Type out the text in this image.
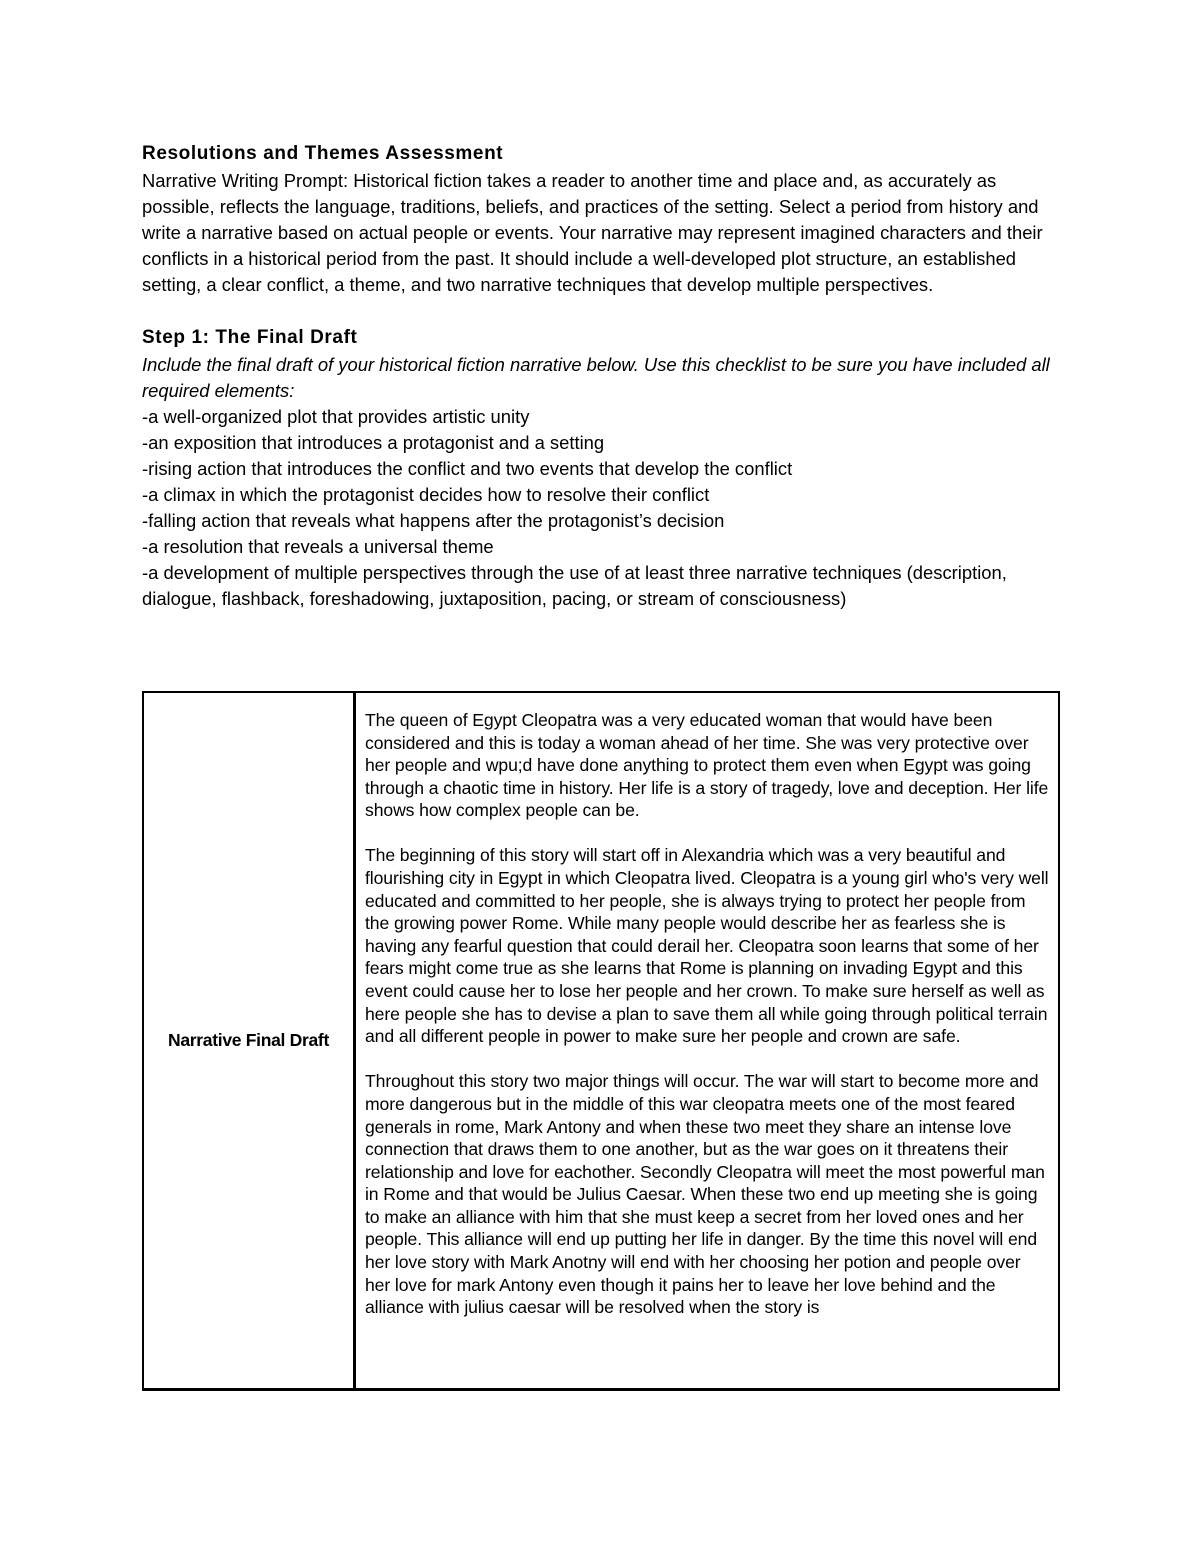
Resolutions and Themes Assessment

Narrative Writing Prompt: Historical fiction takes a reader to another time and place and, as accurately as possible, reflects the language, traditions, beliefs, and practices of the setting. Select a period from history and write a narrative based on actual people or events. Your narrative may represent imagined characters and their conflicts in a historical period from the past. It should include a well-developed plot structure, an established setting, a clear conflict, a theme, and two narrative techniques that develop multiple perspectives.

Step 1: The Final Draft

Include the final draft of your historical fiction narrative below. Use this checklist to be sure you have included all required elements:

-a well-organized plot that provides artistic unity
-an exposition that introduces a protagonist and a setting
-rising action that introduces the conflict and two events that develop the conflict
-a climax in which the protagonist decides how to resolve their conflict
-falling action that reveals what happens after the protagonist’s decision
-a resolution that reveals a universal theme
-a development of multiple perspectives through the use of at least three narrative techniques (description, dialogue, flashback, foreshadowing, juxtaposition, pacing, or stream of consciousness)
Narrative Final Draft

The queen of Egypt Cleopatra was a very educated woman that would have been considered and this is today a woman ahead of her time. She was very protective over her people and wpu;d have done anything to protect them even when Egypt was going through a chaotic time in history. Her life is a story of tragedy, love and deception. Her life shows how complex people can be.

The beginning of this story will start off in Alexandria which was a very beautiful and flourishing city in Egypt in which Cleopatra lived. Cleopatra is a young girl who's very well educated and committed to her people, she is always trying to protect her people from the growing power Rome. While many people would describe her as fearless she is having any fearful question that could derail her. Cleopatra soon learns that some of her fears might come true as she learns that Rome is planning on invading Egypt and this event could cause her to lose her people and her crown. To make sure herself as well as here people she has to devise a plan to save them all while going through political terrain and all different people in power to make sure her people and crown are safe.

Throughout this story two major things will occur. The war will start to become more and more dangerous but in the middle of this war cleopatra meets one of the most feared generals in rome, Mark Antony and when these two meet they share an intense love connection that draws them to one another, but as the war goes on it threatens their relationship and love for eachother. Secondly Cleopatra will meet the most powerful man in Rome and that would be Julius Caesar. When these two end up meeting she is going to make an alliance with him that she must keep a secret from her loved ones and her people. This alliance will end up putting her life in danger. By the time this novel will end her love story with Mark Anotny will end with her choosing her potion and people over her love for mark Antony even though it pains her to leave her love behind and the alliance with julius caesar will be resolved when the story is
